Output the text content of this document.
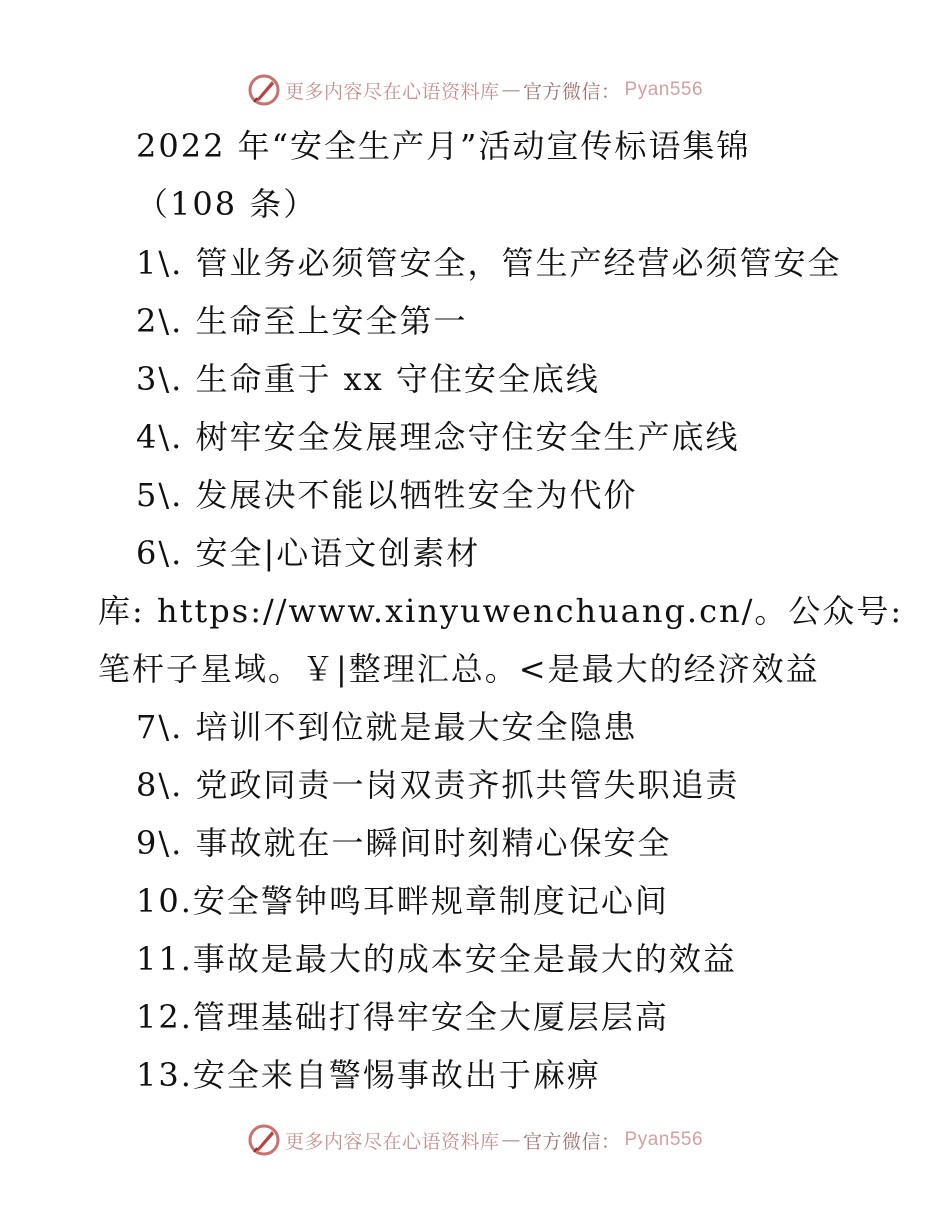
更多内容尽在心语资料库 — 官方微信 ： Pyan556
2022 年“安全生产月”活动宣传标语集锦
（108 条）
1\. 管业务必须管安全，管生产经营必须管安全
2\. 生命至上安全第一
3\. 生命重于 xx 守住安全底线
4\. 树牢安全发展理念守住安全生产底线
5\. 发展决不能以牺牲安全为代价
6\. 安全|心语文创素材
库: https://www.xinyuwenchuang.cn/。公众号:
笔杆子星域。￥|整理汇总。<是最大的经济效益
7\. 培训不到位就是最大安全隐患
8\. 党政同责一岗双责齐抓共管失职追责
9\. 事故就在一瞬间时刻精心保安全
10.安全警钟鸣耳畔规章制度记心间
11.事故是最大的成本安全是最大的效益
12.管理基础打得牢安全大厦层层高
13.安全来自警惕事故出于麻痹
更多内容尽在心语资料库 — 官方微信 ： Pyan556
